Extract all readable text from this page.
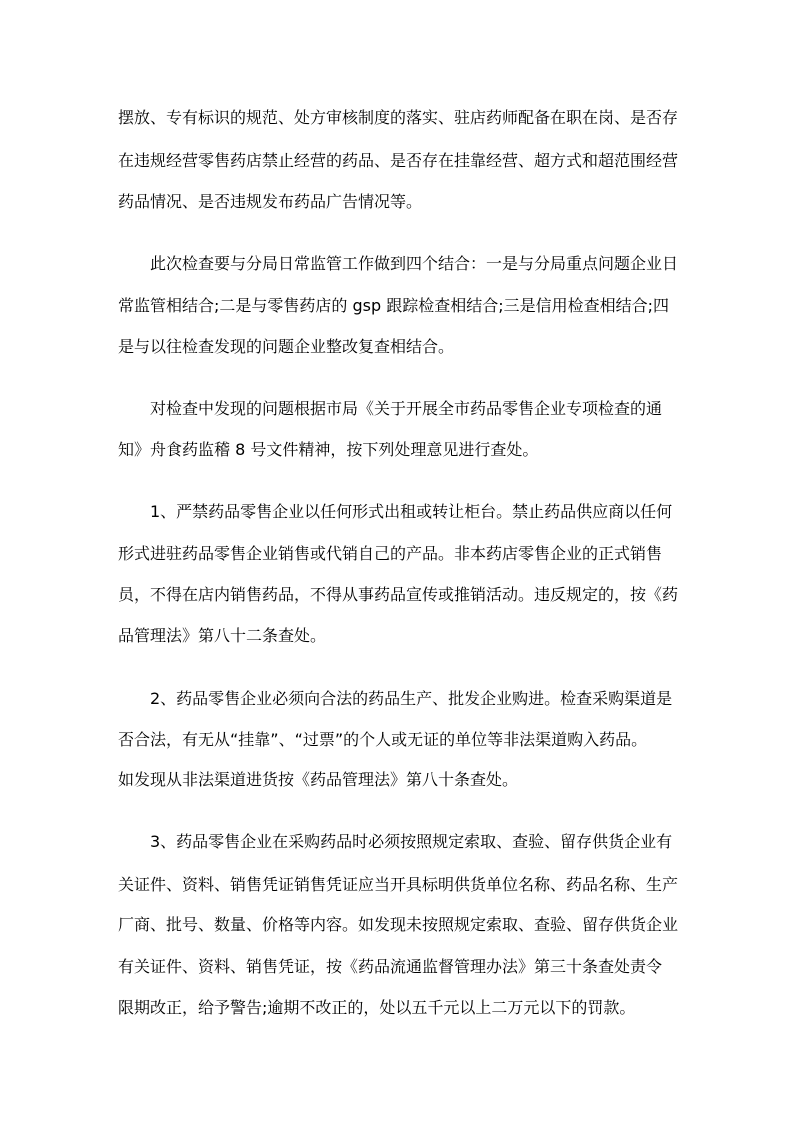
摆放、专有标识的规范、处方审核制度的落实、驻店药师配备在职在岗、是否存
在违规经营零售药店禁止经营的药品、是否存在挂靠经营、超方式和超范围经营
药品情况、是否违规发布药品广告情况等。
此次检查要与分局日常监管工作做到四个结合：一是与分局重点问题企业日
常监管相结合;二是与零售药店的 gsp 跟踪检查相结合;三是信用检查相结合;四
是与以往检查发现的问题企业整改复查相结合。
对检查中发现的问题根据市局《关于开展全市药品零售企业专项检查的通
知》舟食药监稽 8 号文件精神，按下列处理意见进行查处。
1、严禁药品零售企业以任何形式出租或转让柜台。禁止药品供应商以任何
形式进驻药品零售企业销售或代销自己的产品。非本药店零售企业的正式销售
员，不得在店内销售药品，不得从事药品宣传或推销活动。违反规定的，按《药
品管理法》第八十二条查处。
2、药品零售企业必须向合法的药品生产、批发企业购进。检查采购渠道是
否合法，有无从“挂靠”、“过票”的个人或无证的单位等非法渠道购入药品。
如发现从非法渠道进货按《药品管理法》第八十条查处。
3、药品零售企业在采购药品时必须按照规定索取、查验、留存供货企业有
关证件、资料、销售凭证销售凭证应当开具标明供货单位名称、药品名称、生产
厂商、批号、数量、价格等内容。如发现未按照规定索取、查验、留存供货企业
有关证件、资料、销售凭证，按《药品流通监督管理办法》第三十条查处责令
限期改正，给予警告;逾期不改正的，处以五千元以上二万元以下的罚款。
